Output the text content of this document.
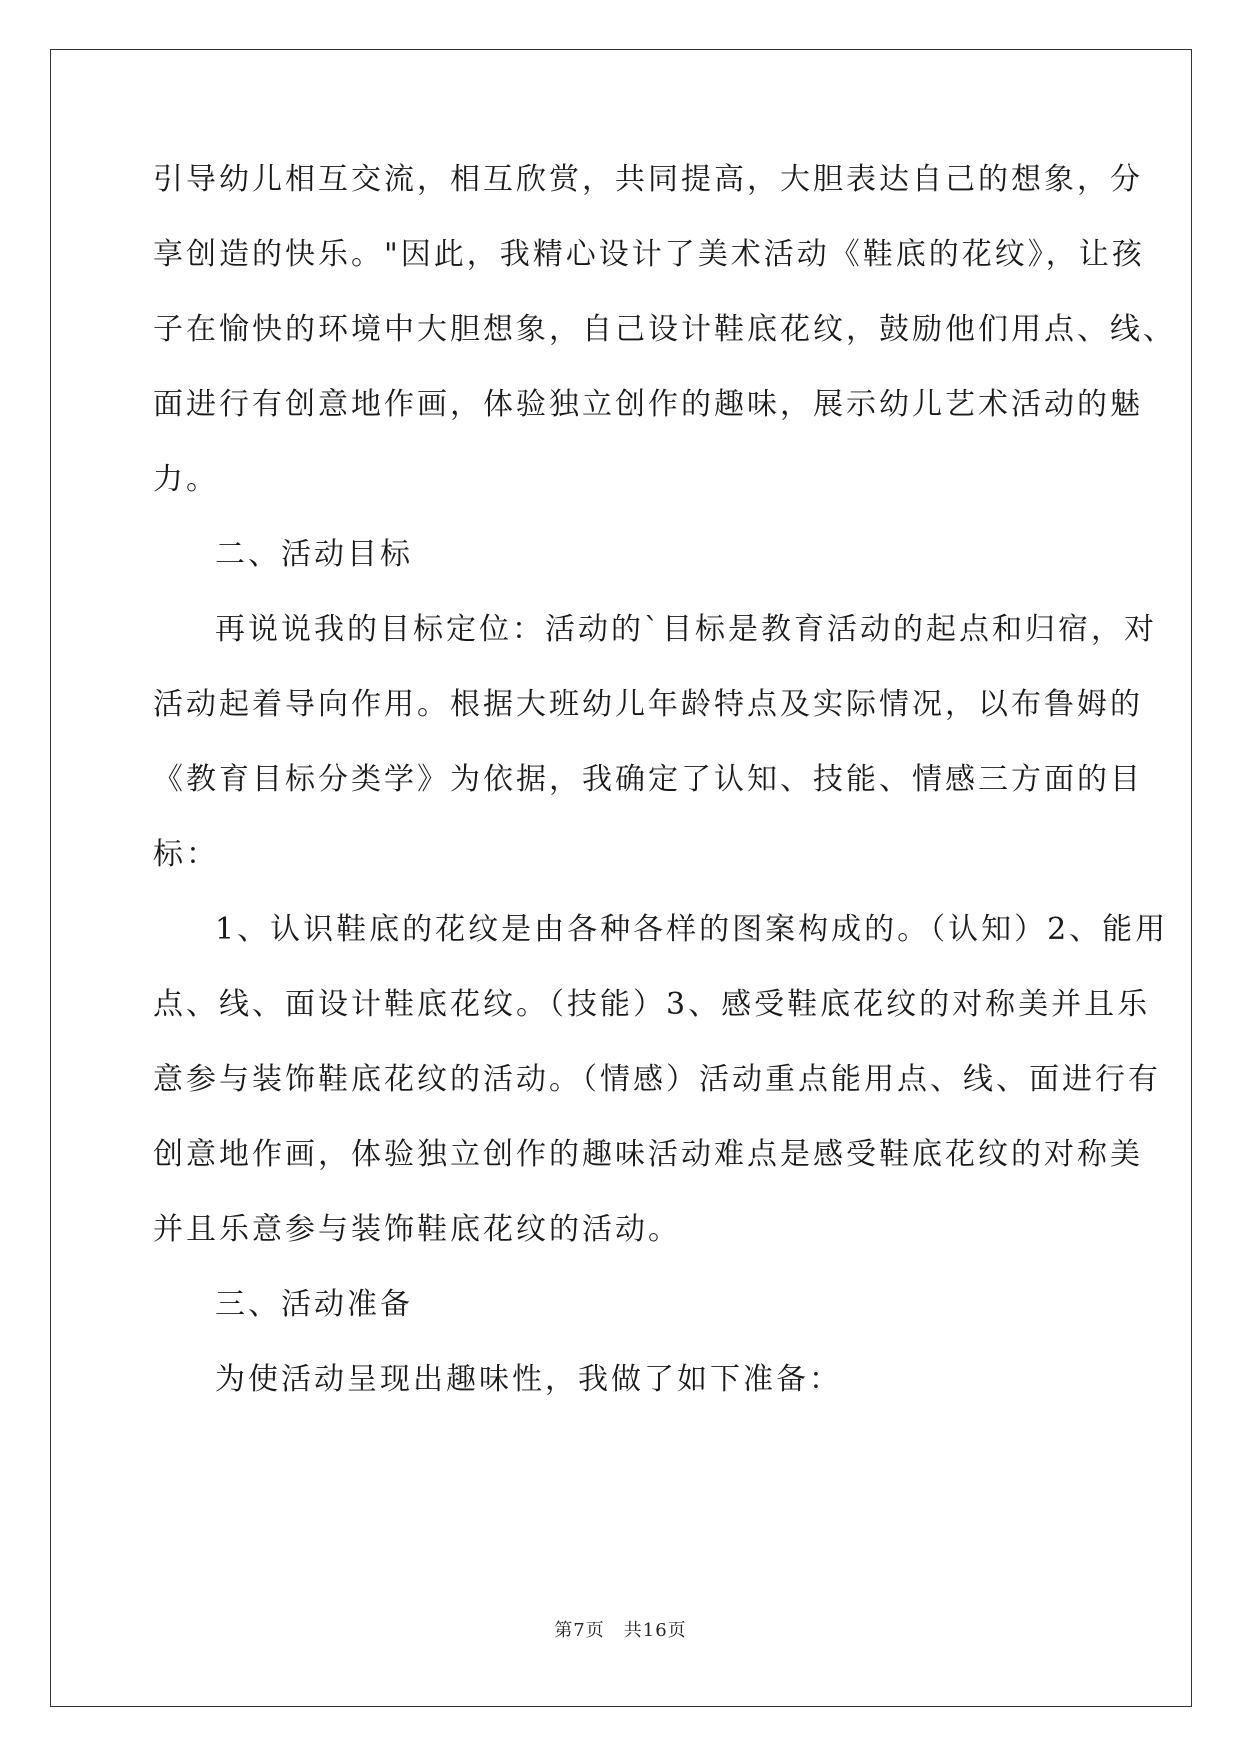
引导幼儿相互交流，相互欣赏，共同提高，大胆表达自己的想象，分
享创造的快乐。"因此，我精心设计了美术活动《鞋底的花纹》，让孩
子在愉快的环境中大胆想象，自己设计鞋底花纹，鼓励他们用点、线、
面进行有创意地作画，体验独立创作的趣味，展示幼儿艺术活动的魅
力。
二、活动目标
再说说我的目标定位：活动的`目标是教育活动的起点和归宿，对
活动起着导向作用。根据大班幼儿年龄特点及实际情况，以布鲁姆的
《教育目标分类学》为依据，我确定了认知、技能、情感三方面的目
标：
1、认识鞋底的花纹是由各种各样的图案构成的。（认知）2、能用
点、线、面设计鞋底花纹。（技能）3、感受鞋底花纹的对称美并且乐
意参与装饰鞋底花纹的活动。（情感）活动重点能用点、线、面进行有
创意地作画，体验独立创作的趣味活动难点是感受鞋底花纹的对称美
并且乐意参与装饰鞋底花纹的活动。
三、活动准备
为使活动呈现出趣味性，我做了如下准备：
第7页　共16页
